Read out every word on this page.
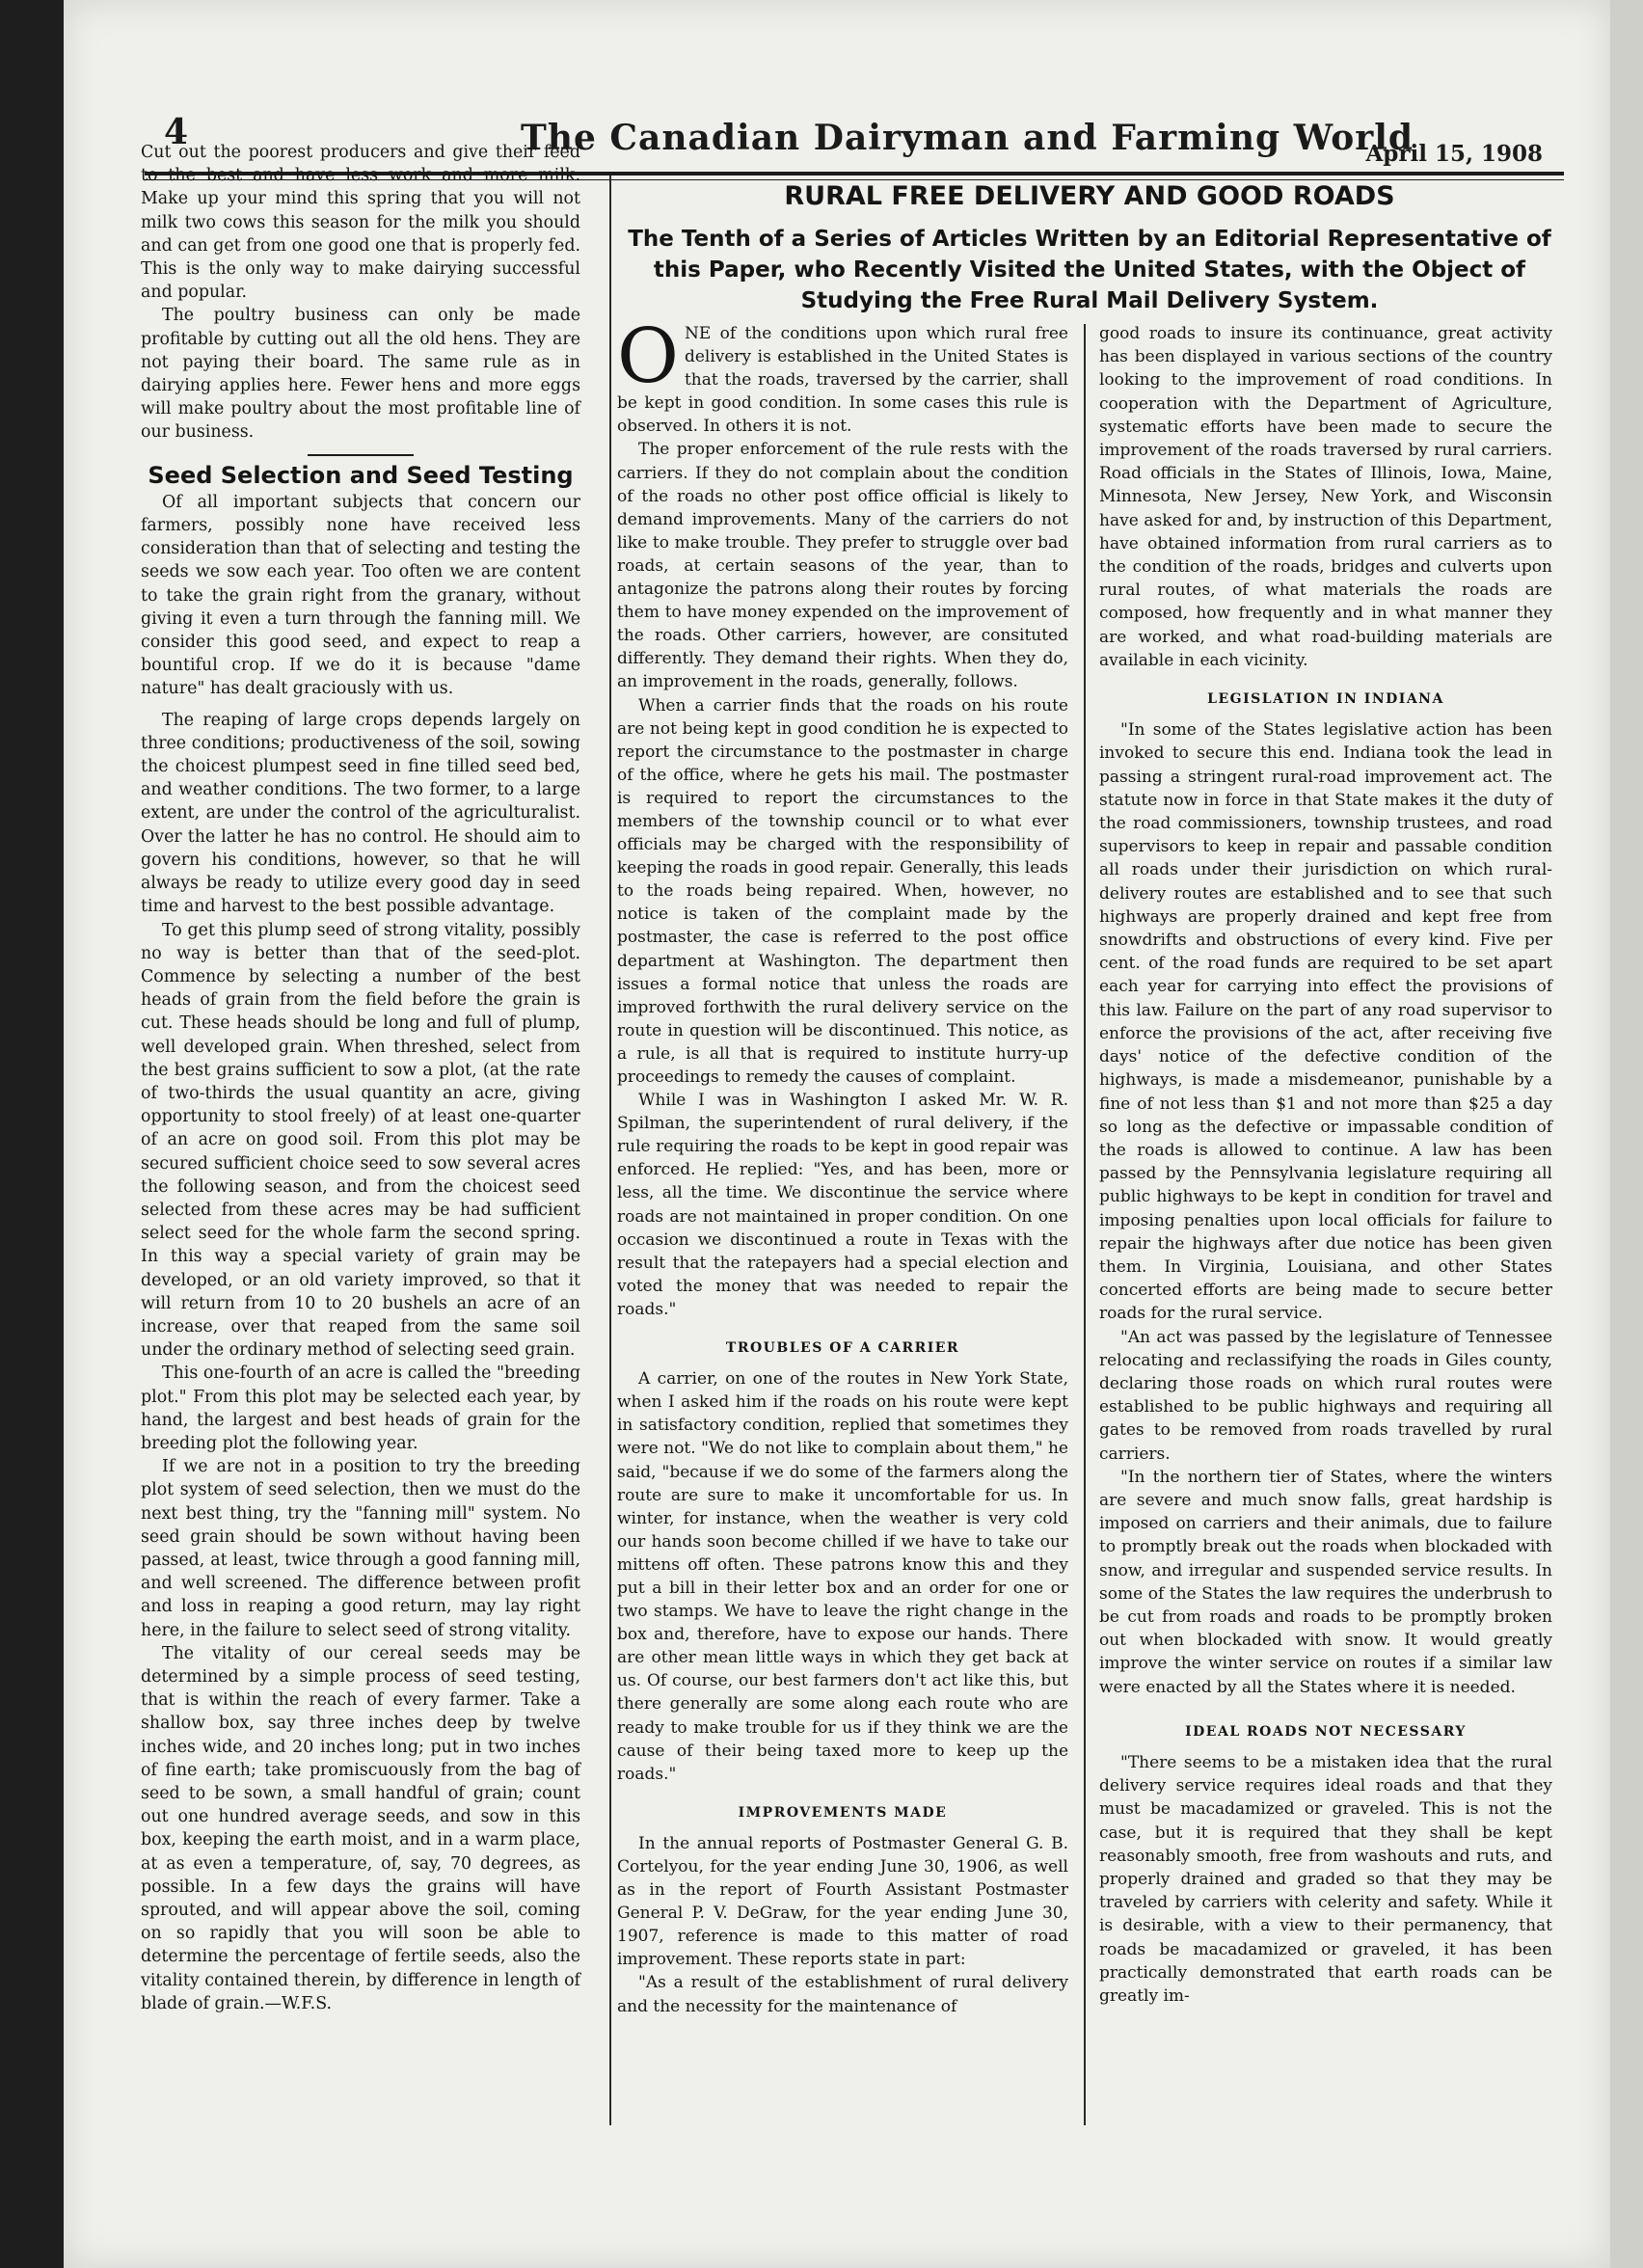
4	The Canadian Dairyman and Farming World
April 15, 1908

Cut out the poorest producers and give their feed to the best and have less work and more milk. Make up your mind this spring that you will not milk two cows this season for the milk you should and can get from one good one that is properly fed. This is the only way to make dairying successful and popular.

The poultry business can only be made profitable by cutting out all the old hens. They are not paying their board. The same rule as in dairying applies here. Fewer hens and more eggs will make poultry about the most profitable line of our business.

Seed Selection and Seed Testing

Of all important subjects that concern our farmers, possibly none have received less consideration than that of selecting and testing the seeds we sow each year. Too often we are content to take the grain right from the granary, without giving it even a turn through the fanning mill. We consider this good seed, and expect to reap a bountiful crop. If we do it is because "dame nature" has dealt graciously with us.

The reaping of large crops depends largely on three conditions; productiveness of the soil, sowing the choicest plumpest seed in fine tilled seed bed, and weather conditions. The two former, to a large extent, are under the control of the agriculturalist. Over the latter he has no control. He should aim to govern his conditions, however, so that he will always be ready to utilize every good day in seed time and harvest to the best possible advantage.

To get this plump seed of strong vitality, possibly no way is better than that of the seed-plot. Commence by selecting a number of the best heads of grain from the field before the grain is cut. These heads should be long and full of plump, well developed grain. When threshed, select from the best grains sufficient to sow a plot, (at the rate of two-thirds the usual quantity an acre, giving opportunity to stool freely) of at least one-quarter of an acre on good soil. From this plot may be secured sufficient choice seed to sow several acres the following season, and from the choicest seed selected from these acres may be had sufficient select seed for the whole farm the second spring. In this way a special variety of grain may be developed, or an old variety improved, so that it will return from 10 to 20 bushels an acre of an increase, over that reaped from the same soil under the ordinary method of selecting seed grain.

This one-fourth of an acre is called the "breeding plot." From this plot may be selected each year, by hand, the largest and best heads of grain for the breeding plot the following year.

If we are not in a position to try the breeding plot system of seed selection, then we must do the next best thing, try the "fanning mill" system. No seed grain should be sown without having been passed, at least, twice through a good fanning mill, and well screened. The difference between profit and loss in reaping a good return, may lay right here, in the failure to select seed of strong vitality.

The vitality of our cereal seeds may be determined by a simple process of seed testing, that is within the reach of every farmer. Take a shallow box, say three inches deep by twelve inches wide, and 20 inches long; put in two inches of fine earth; take promiscuously from the bag of seed to be sown, a small handful of grain; count out one hundred average seeds, and sow in this box, keeping the earth moist, and in a warm place, at as even a temperature, of, say, 70 degrees, as possible. In a few days the grains will have sprouted, and will appear above the soil, coming on so rapidly that you will soon be able to determine the percentage of fertile seeds, also the vitality contained therein, by difference in length of blade of grain.—W.F.S.

RURAL FREE DELIVERY AND GOOD ROADS
The Tenth of a Series of Articles Written by an Editorial Representative of this Paper, who Recently Visited the United States, with the Object of Studying the Free Rural Mail Delivery System.

ONE of the conditions upon which rural free delivery is established in the United States is that the roads, traversed by the carrier, shall be kept in good condition. In some cases this rule is observed. In others it is not.

The proper enforcement of the rule rests with the carriers. If they do not complain about the condition of the roads no other post office official is likely to demand improvements. Many of the carriers do not like to make trouble. They prefer to struggle over bad roads, at certain seasons of the year, than to antagonize the patrons along their routes by forcing them to have money expended on the improvement of the roads. Other carriers, however, are consituted differently. They demand their rights. When they do, an improvement in the roads, generally, follows.

When a carrier finds that the roads on his route are not being kept in good condition he is expected to report the circumstance to the postmaster in charge of the office, where he gets his mail. The postmaster is required to report the circumstances to the members of the township council or to what ever officials may be charged with the responsibility of keeping the roads in good repair. Generally, this leads to the roads being repaired. When, however, no notice is taken of the complaint made by the postmaster, the case is referred to the post office department at Washington. The department then issues a formal notice that unless the roads are improved forthwith the rural delivery service on the route in question will be discontinued. This notice, as a rule, is all that is required to institute hurry-up proceedings to remedy the causes of complaint.

While I was in Washington I asked Mr. W. R. Spilman, the superintendent of rural delivery, if the rule requiring the roads to be kept in good repair was enforced. He replied: "Yes, and has been, more or less, all the time. We discontinue the service where roads are not maintained in proper condition. On one occasion we discontinued a route in Texas with the result that the ratepayers had a special election and voted the money that was needed to repair the roads."

TROUBLES OF A CARRIER

A carrier, on one of the routes in New York State, when I asked him if the roads on his route were kept in satisfactory condition, replied that sometimes they were not. "We do not like to complain about them," he said, "because if we do some of the farmers along the route are sure to make it uncomfortable for us. In winter, for instance, when the weather is very cold our hands soon become chilled if we have to take our mittens off often. These patrons know this and they put a bill in their letter box and an order for one or two stamps. We have to leave the right change in the box and, therefore, have to expose our hands. There are other mean little ways in which they get back at us. Of course, our best farmers don't act like this, but there generally are some along each route who are ready to make trouble for us if they think we are the cause of their being taxed more to keep up the roads."

IMPROVEMENTS MADE

In the annual reports of Postmaster General G. B. Cortelyou, for the year ending June 30, 1906, as well as in the report of Fourth Assistant Postmaster General P. V. DeGraw, for the year ending June 30, 1907, reference is made to this matter of road improvement. These reports state in part:

"As a result of the establishment of rural delivery and the necessity for the maintenance of

good roads to insure its continuance, great activity has been displayed in various sections of the country looking to the improvement of road conditions. In cooperation with the Department of Agriculture, systematic efforts have been made to secure the improvement of the roads traversed by rural carriers. Road officials in the States of Illinois, Iowa, Maine, Minnesota, New Jersey, New York, and Wisconsin have asked for and, by instruction of this Department, have obtained information from rural carriers as to the condition of the roads, bridges and culverts upon rural routes, of what materials the roads are composed, how frequently and in what manner they are worked, and what road-building materials are available in each vicinity.

LEGISLATION IN INDIANA

"In some of the States legislative action has been invoked to secure this end. Indiana took the lead in passing a stringent rural-road improvement act. The statute now in force in that State makes it the duty of the road commissioners, township trustees, and road supervisors to keep in repair and passable condition all roads under their jurisdiction on which rural-delivery routes are established and to see that such highways are properly drained and kept free from snowdrifts and obstructions of every kind. Five per cent. of the road funds are required to be set apart each year for carrying into effect the provisions of this law. Failure on the part of any road supervisor to enforce the provisions of the act, after receiving five days' notice of the defective condition of the highways, is made a misdemeanor, punishable by a fine of not less than $1 and not more than $25 a day so long as the defective or impassable condition of the roads is allowed to continue. A law has been passed by the Pennsylvania legislature requiring all public highways to be kept in condition for travel and imposing penalties upon local officials for failure to repair the highways after due notice has been given them. In Virginia, Louisiana, and other States concerted efforts are being made to secure better roads for the rural service.

"An act was passed by the legislature of Tennessee relocating and reclassifying the roads in Giles county, declaring those roads on which rural routes were established to be public highways and requiring all gates to be removed from roads travelled by rural carriers.

"In the northern tier of States, where the winters are severe and much snow falls, great hardship is imposed on carriers and their animals, due to failure to promptly break out the roads when blockaded with snow, and irregular and suspended service results. In some of the States the law requires the underbrush to be cut from roads and roads to be promptly broken out when blockaded with snow. It would greatly improve the winter service on routes if a similar law were enacted by all the States where it is needed.

IDEAL ROADS NOT NECESSARY

"There seems to be a mistaken idea that the rural delivery service requires ideal roads and that they must be macadamized or graveled. This is not the case, but it is required that they shall be kept reasonably smooth, free from washouts and ruts, and properly drained and graded so that they may be traveled by carriers with celerity and safety. While it is desirable, with a view to their permanency, that roads be macadamized or graveled, it has been practically demonstrated that earth roads can be greatly im-
